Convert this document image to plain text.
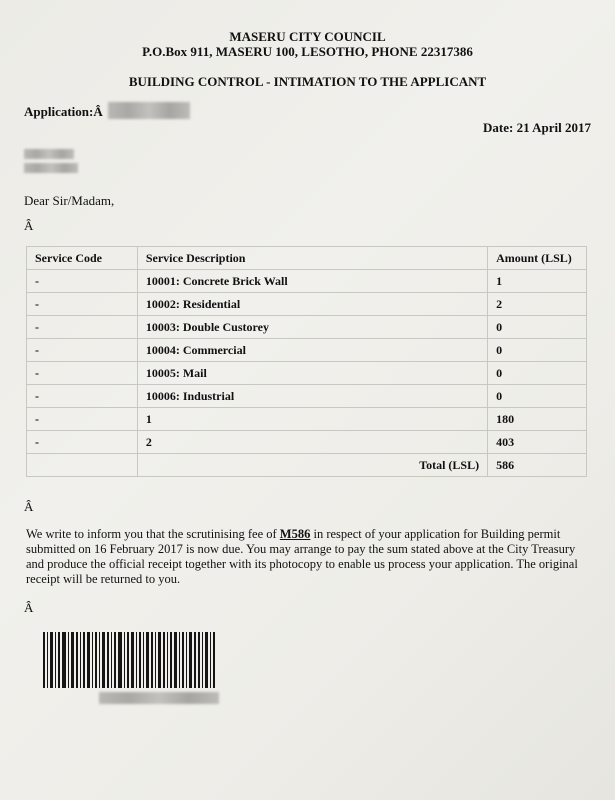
MASERU CITY COUNCIL
P.O.Box 911, MASERU 100, LESOTHO, PHONE 22317386
BUILDING CONTROL - INTIMATION TO THE APPLICANT
Application:Â
Date: 21 April 2017
Dear Sir/Madam,
Â
Service Code	Service Description	Amount (LSL)
-	10001: Concrete Brick Wall	1
-	10002: Residential	2
-	10003: Double Custorey	0
-	10004: Commercial	0
-	10005: Mail	0
-	10006: Industrial	0
-	1	180
-	2	403
	Total (LSL)	586
Â
We write to inform you that the scrutinising fee of M586 in respect of your application for Building permit submitted on 16 February 2017 is now due. You may arrange to pay the sum stated above at the City Treasury and produce the official receipt together with its photocopy to enable us process your application. The original receipt will be returned to you.
Â
